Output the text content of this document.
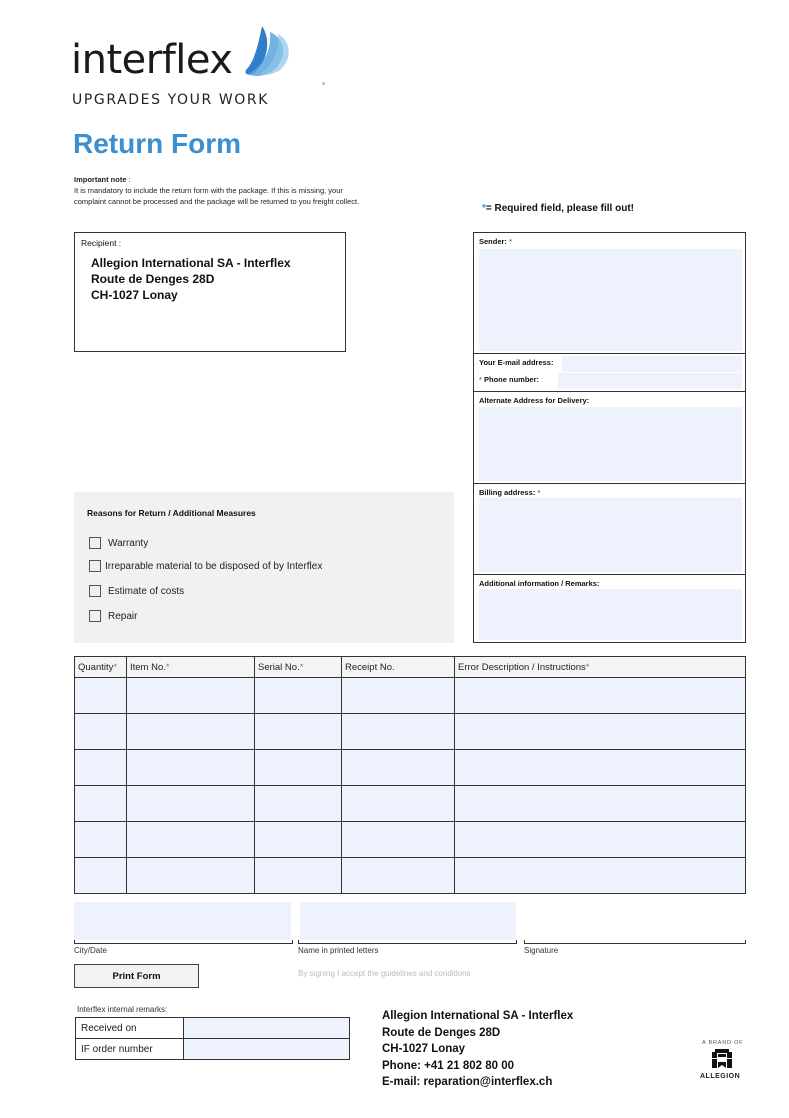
interflex
UPGRADES YOUR WORK
Return Form
Important note :
It is mandatory to include the return form with the package. If this is missing, your complaint cannot be processed and the package will be returned to you freight collect.
*= Required field, please fill out!
Recipient :
Allegion International SA - Interflex
Route de Denges 28D
CH-1027 Lonay
Sender: *
Your E-mail address:
* Phone number:
Alternate Address for Delivery:
Billing address: *
Additional information / Remarks:
Reasons for Return / Additional Measures
Warranty
Irreparable material to be disposed of by Interflex
Estimate of costs
Repair
Quantity*	Item No.*	Serial No.*	Receipt No.	Error Description / Instructions*

City/Date	Name in printed letters	Signature
By signing I accept the guidelines and conditions
Print Form
Interflex internal remarks:
Received on	
IF order number	
Allegion International SA - Interflex
Route de Denges 28D
CH-1027 Lonay
Phone: +41 21 802 80 00
E-mail: reparation@interflex.ch
A BRAND OF
ALLEGION
